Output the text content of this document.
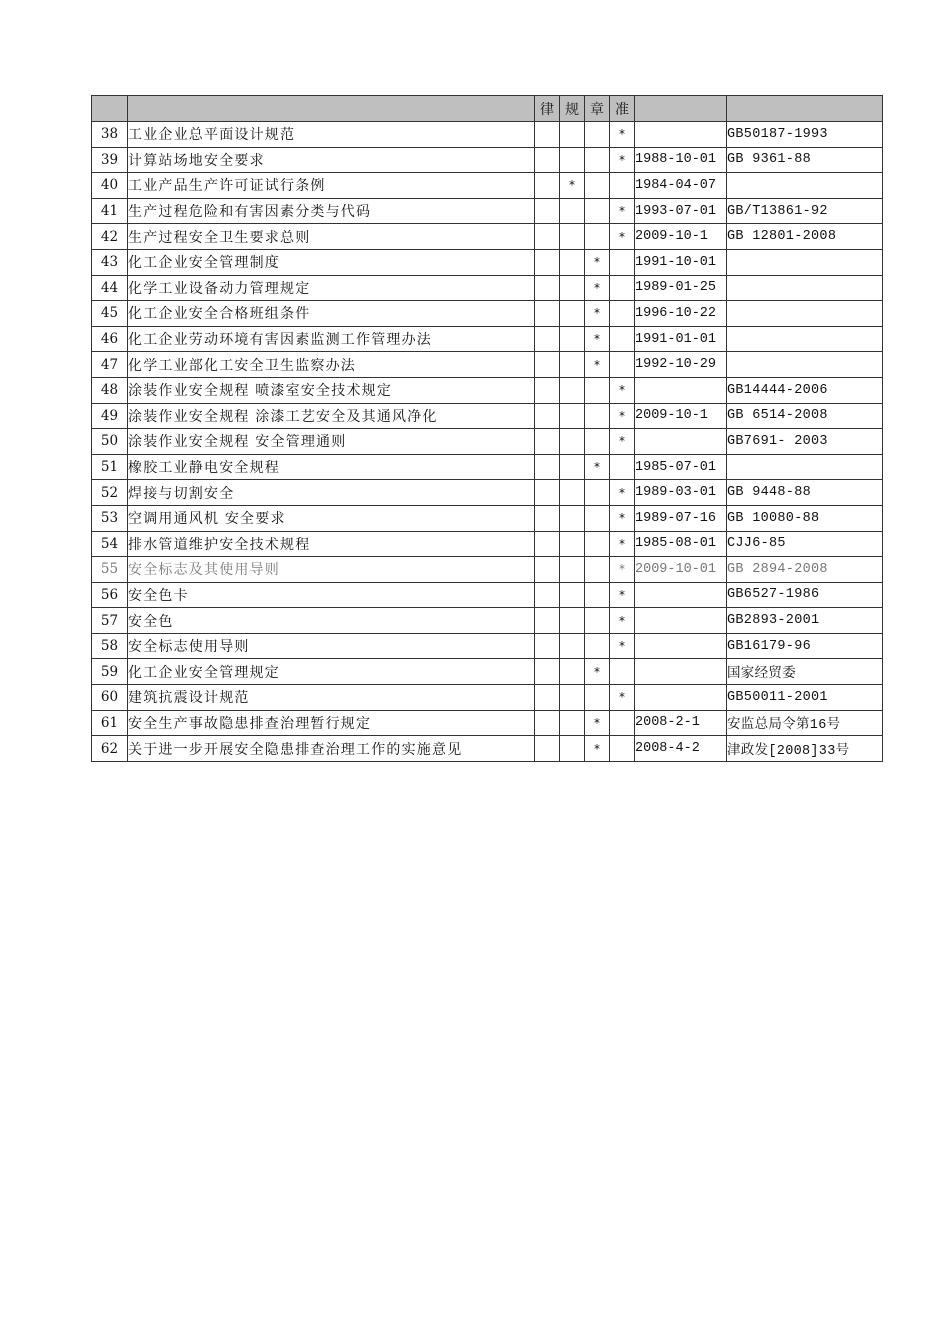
		律	规	章	准		
38	工业企业总平面设计规范				*		GB50187-1993
39	计算站场地安全要求				*	1988-10-01	GB 9361-88
40	工业产品生产许可证试行条例		*			1984-04-07	
41	生产过程危险和有害因素分类与代码				*	1993-07-01	GB/T13861-92
42	生产过程安全卫生要求总则				*	2009-10-1	GB 12801-2008
43	化工企业安全管理制度			*		1991-10-01	
44	化学工业设备动力管理规定			*		1989-01-25	
45	化工企业安全合格班组条件			*		1996-10-22	
46	化工企业劳动环境有害因素监测工作管理办法			*		1991-01-01	
47	化学工业部化工安全卫生监察办法			*		1992-10-29	
48	涂装作业安全规程 喷漆室安全技术规定				*		GB14444-2006
49	涂装作业安全规程 涂漆工艺安全及其通风净化				*	2009-10-1	GB 6514-2008
50	涂装作业安全规程 安全管理通则				*		GB7691- 2003
51	橡胶工业静电安全规程			*		1985-07-01	
52	焊接与切割安全				*	1989-03-01	GB 9448-88
53	空调用通风机 安全要求				*	1989-07-16	GB 10080-88
54	排水管道维护安全技术规程				*	1985-08-01	CJJ6-85
55	安全标志及其使用导则				*	2009-10-01	GB 2894-2008
56	安全色卡				*		GB6527-1986
57	安全色				*		GB2893-2001
58	安全标志使用导则				*		GB16179-96
59	化工企业安全管理规定			*			国家经贸委
60	建筑抗震设计规范				*		GB50011-2001
61	安全生产事故隐患排查治理暂行规定			*		2008-2-1	安监总局令第16号
62	关于进一步开展安全隐患排查治理工作的实施意见			*		2008-4-2	津政发[2008]33号
